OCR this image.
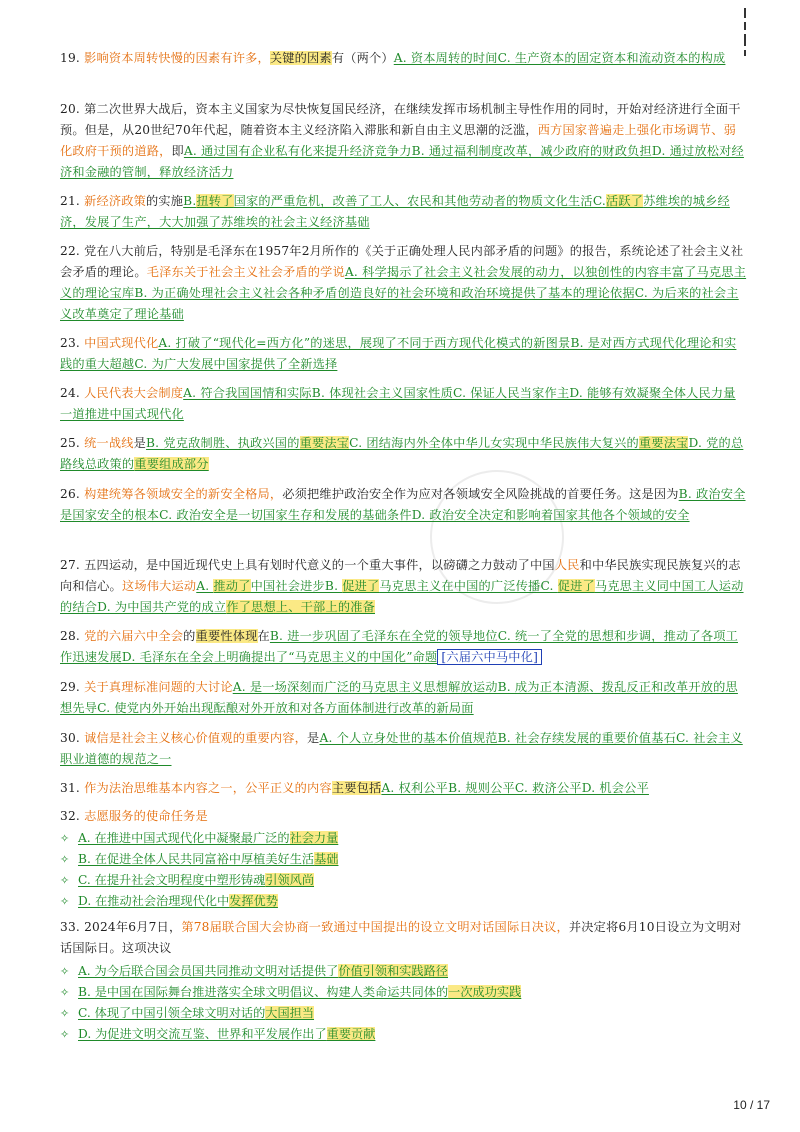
19. 影响资本周转快慢的因素有许多，关键的因素有（两个）A. 资本周转的时间C. 生产资本的固定资本和流动资本的构成
20. 第二次世界大战后，资本主义国家为尽快恢复国民经济，在继续发挥市场机制主导性作用的同时，开始对经济进行全面干预。但是，从20世纪70年代起，随着资本主义经济陷入滞胀和新自由主义思潮的泛滥，西方国家普遍走上强化市场调节、弱化政府干预的道路，即A. 通过国有企业私有化来提升经济竞争力B. 通过福利制度改革，减少政府的财政负担D. 通过放松对经济和金融的管制，释放经济活力
21. 新经济政策的实施B.扭转了国家的严重危机，改善了工人、农民和其他劳动者的物质文化生活C.活跃了苏维埃的城乡经济，发展了生产，大大加强了苏维埃的社会主义经济基础
22. 党在八大前后，特别是毛泽东在1957年2月所作的《关于正确处理人民内部矛盾的问题》的报告，系统论述了社会主义社会矛盾的理论。毛泽东关于社会主义社会矛盾的学说A. 科学揭示了社会主义社会发展的动力，以独创性的内容丰富了马克思主义的理论宝库B. 为正确处理社会主义社会各种矛盾创造良好的社会环境和政治环境提供了基本的理论依据C. 为后来的社会主义改革奠定了理论基础
23. 中国式现代化A. 打破了“现代化=西方化”的迷思，展现了不同于西方现代化模式的新图景B. 是对西方式现代化理论和实践的重大超越C. 为广大发展中国家提供了全新选择
24. 人民代表大会制度A. 符合我国国情和实际B. 体现社会主义国家性质C. 保证人民当家作主D. 能够有效凝聚全体人民力量一道推进中国式现代化
25. 统一战线是B. 党克敌制胜、执政兴国的重要法宝C. 团结海内外全体中华儿女实现中华民族伟大复兴的重要法宝D. 党的总路线总政策的重要组成部分
26. 构建统筹各领域安全的新安全格局，必须把维护政治安全作为应对各领域安全风险挑战的首要任务。这是因为B. 政治安全是国家安全的根本C. 政治安全是一切国家生存和发展的基础条件D. 政治安全决定和影响着国家其他各个领域的安全
27. 五四运动，是中国近现代史上具有划时代意义的一个重大事件，以磅礴之力鼓动了中国人民和中华民族实现民族复兴的志向和信心。这场伟大运动A. 推动了中国社会进步B. 促进了马克思主义在中国的广泛传播C. 促进了马克思主义同中国工人运动的结合D. 为中国共产党的成立作了思想上、干部上的准备
28. 党的六届六中全会的重要性体现在B. 进一步巩固了毛泽东在全党的领导地位C. 统一了全党的思想和步调，推动了各项工作迅速发展D. 毛泽东在全会上明确提出了“马克思主义的中国化”命题 [六届六中马中化]
29. 关于真理标准问题的大讨论A. 是一场深刻而广泛的马克思主义思想解放运动B. 成为正本清源、拨乱反正和改革开放的思想先导C. 使党内外开始出现酝酿对外开放和对各方面体制进行改革的新局面
30. 诚信是社会主义核心价值观的重要内容，是A. 个人立身处世的基本价值规范B. 社会存续发展的重要价值基石C. 社会主义职业道德的规范之一
31. 作为法治思维基本内容之一，公平正义的内容主要包括A. 权利公平B. 规则公平C. 救济公平D. 机会公平
32. 志愿服务的使命任务是
✧ A. 在推进中国式现代化中凝聚最广泛的社会力量
✧ B. 在促进全体人民共同富裕中厚植美好生活基础
✧ C. 在提升社会文明程度中塑形铸魂引领风尚
✧ D. 在推动社会治理现代化中发挥优势
33. 2024年6月7日，第78届联合国大会协商一致通过中国提出的设立文明对话国际日决议，并决定将6月10日设立为文明对话国际日。这项决议
✧ A. 为今后联合国会员国共同推动文明对话提供了价值引领和实践路径
✧ B. 是中国在国际舞台推进落实全球文明倡议、构建人类命运共同体的一次成功实践
✧ C. 体现了中国引领全球文明对话的大国担当
✧ D. 为促进文明交流互鉴、世界和平发展作出了重要贡献
10 / 17
